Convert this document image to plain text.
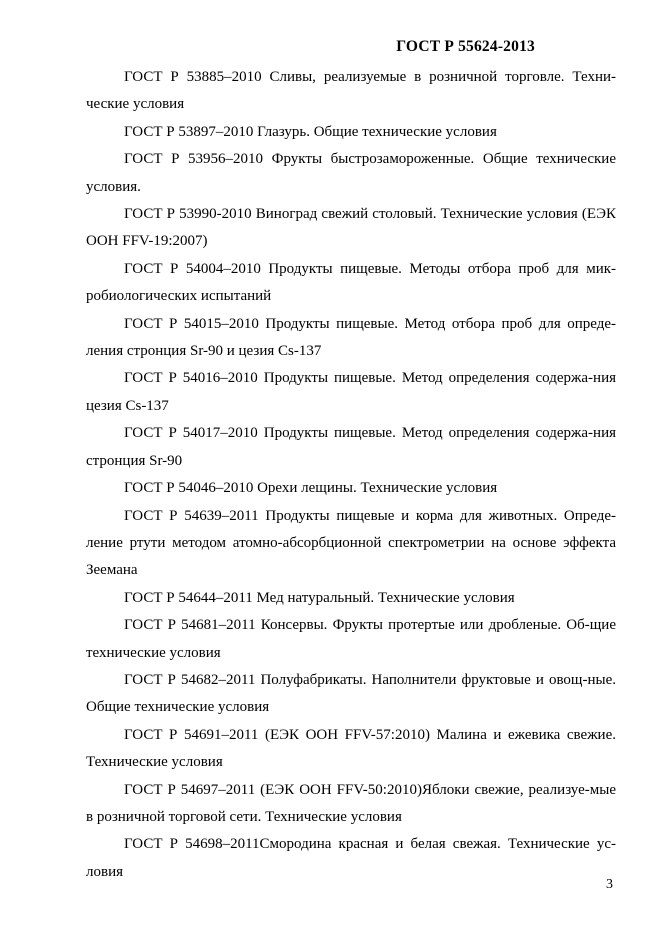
ГОСТ Р 55624-2013

ГОСТ Р 53885–2010 Сливы, реализуемые в розничной торговле. Техни-ческие условия

ГОСТ Р 53897–2010 Глазурь. Общие технические условия

ГОСТ Р 53956–2010 Фрукты быстрозамороженные. Общие технические условия.

ГОСТ Р 53990-2010 Виноград свежий столовый. Технические условия (ЕЭК ООН FFV-19:2007)

ГОСТ Р 54004–2010 Продукты пищевые. Методы отбора проб для мик-робиологических испытаний

ГОСТ Р 54015–2010 Продукты пищевые. Метод отбора проб для опреде-ления стронция Sr-90 и цезия Cs-137

ГОСТ Р 54016–2010 Продукты пищевые. Метод определения содержа-ния цезия Cs-137

ГОСТ Р 54017–2010 Продукты пищевые. Метод определения содержа-ния стронция Sr-90

ГОСТ Р 54046–2010 Орехи лещины. Технические условия

ГОСТ Р 54639–2011 Продукты пищевые и корма для животных. Опреде-ление ртути методом атомно-абсорбционной спектрометрии на основе эффекта Зеемана

ГОСТ Р 54644–2011 Мед натуральный. Технические условия

ГОСТ Р 54681–2011 Консервы. Фрукты протертые или дробленые. Об-щие технические условия

ГОСТ Р 54682–2011 Полуфабрикаты. Наполнители фруктовые и овощ-ные. Общие технические условия

ГОСТ Р 54691–2011 (ЕЭК ООН FFV-57:2010) Малина и ежевика свежие. Технические условия

ГОСТ Р 54697–2011 (ЕЭК ООН FFV-50:2010)Яблоки свежие, реализуе-мые в розничной торговой сети. Технические условия

ГОСТ Р 54698–2011Смородина красная и белая свежая. Технические ус-ловия

3
